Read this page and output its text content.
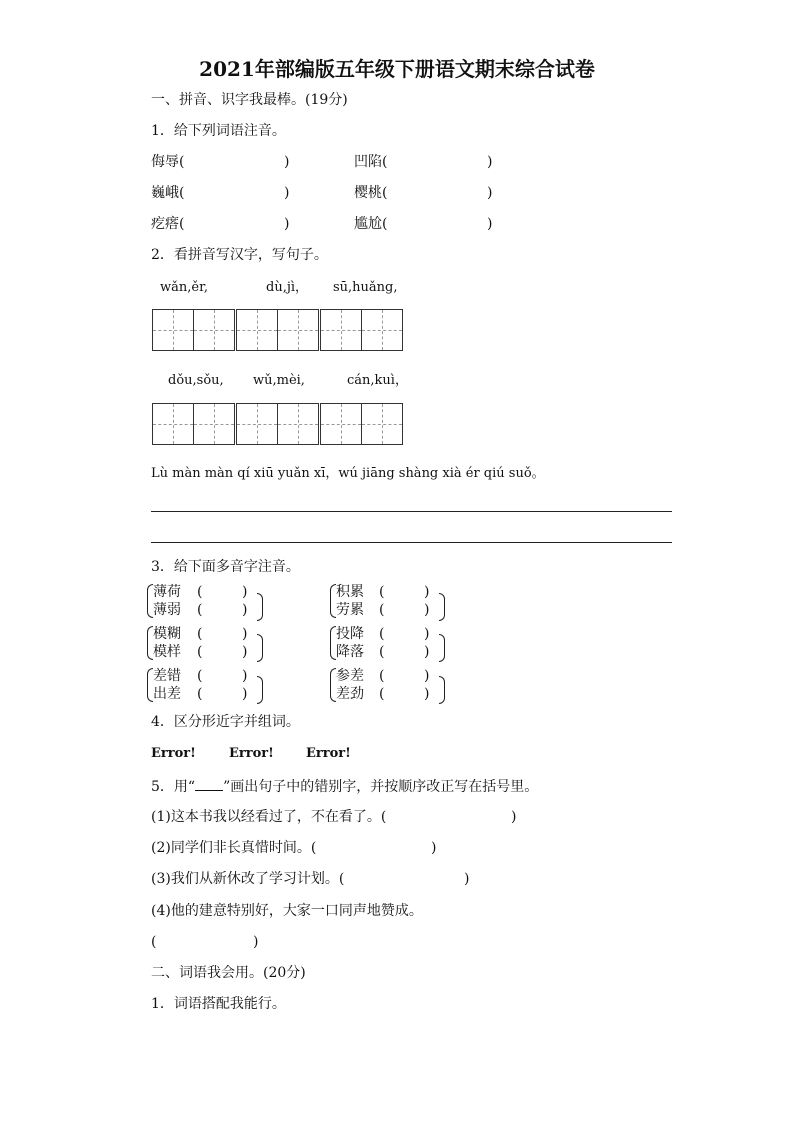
2021年部编版五年级下册语文期末综合试卷
一、拼音、识字我最棒。(19分)
1．给下列词语注音。
侮辱(	)	凹陷(	)
巍峨(	)	樱桃(	)
疙瘩(	)	尴尬(	)
2．看拼音写汉字，写句子。
wǎn,ěr,	dù,jì， sū,huǎng,
dǒu,sǒu, wǔ,mèi,	cán,kuì，
Lù màn màn qí xiū yuǎn xī，wú jiāng shàng xià ér qiú suǒ。
3．给下面多音字注音。
薄荷 (	)
薄弱 (	)
模糊 (	)
模样 (	)
差错 (	)
出差 (	)
积累 (	)
劳累 (	)
投降 (	)
降落 (	)
参差 (	)
差劲 (	)
4．区分形近字并组词。
Error!	Error! Error!
5．用“ ”画出句子中的错别字，并按顺序改正写在括号里。
(1)这本书我以经看过了，不在看了。(	)
(2)同学们非长真惜时间。(	)
(3)我们从新休改了学习计划。(	)
(4)他的建意特别好，大家一口同声地赞成。
(	)
二、词语我会用。(20分)
1．词语搭配我能行。
